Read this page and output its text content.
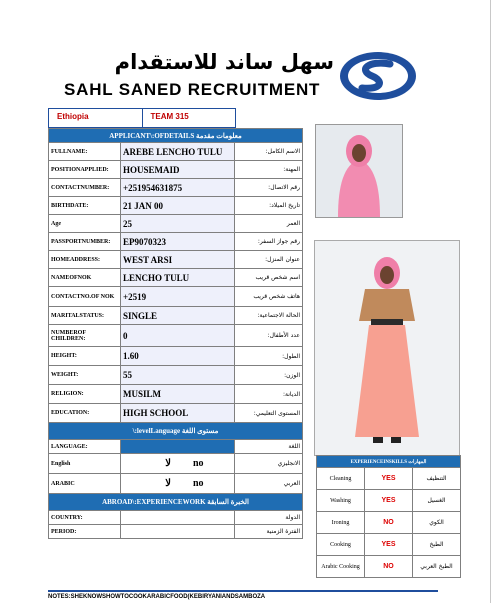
سهل ساند للاستقدام
SAHL SANED RECRUITMENT
Ethiopia	TEAM 315
APPLICANT\:OFDETAILS معلومات مقدمة		
FULLNAME:	AREBE LENCHO TULU	الاسم الكامل:
POSITIONAPPLIED:	HOUSEMAID	المهنة:
CONTACTNUMBER:	+251954631875	رقم الاتصال:
BIRTHDATE:	21 JAN 00	تاريخ الميلاد:
Age	25	العمر
PASSPORTNUMBER:	EP9070323	رقم جواز السفر:
HOMEADDRESS:	WEST ARSI	عنوان المنزل:
NAMEOFNOK	LENCHO TULU	اسم شخص قريب
CONTACTNO.OF NOK	+2519	هاتف شخص قريب
MARITALSTATUS:	SINGLE	الحالة الاجتماعية:
NUMBEROF CHILDREN:	0	عدد الأطفال:
HEIGHT:	1.60	الطول:
WEIGHT:	55	الوزن:
RELIGION:	MUSILM	الديانة:
EDUCATION:	HIGH SCHOOL	المستوى التعليمي:
\:levelLanguage مستوى اللغة		
LANGUAGE:		اللغة
English	لا no	الانجليزي
ARABIC	لا no	العربي
ABROAD\:EXPERIENCEWORK الخبرة السابقة		
COUNTRY:		الدولة
PERIOD:		الفترة الزمنية
EXPERIENCEINSKILLS المهارات		
Cleaning	YES	التنظيف
Washing	YES	الغسيل
Ironing	NO	الكوي
Cooking	YES	الطبخ
Arabic Cooking	NO	الطبخ العربي
NOTES:SHEKNOWSHOWTOCOOKARABICFOOD(KEBIRYANIANDSAMBOZA
